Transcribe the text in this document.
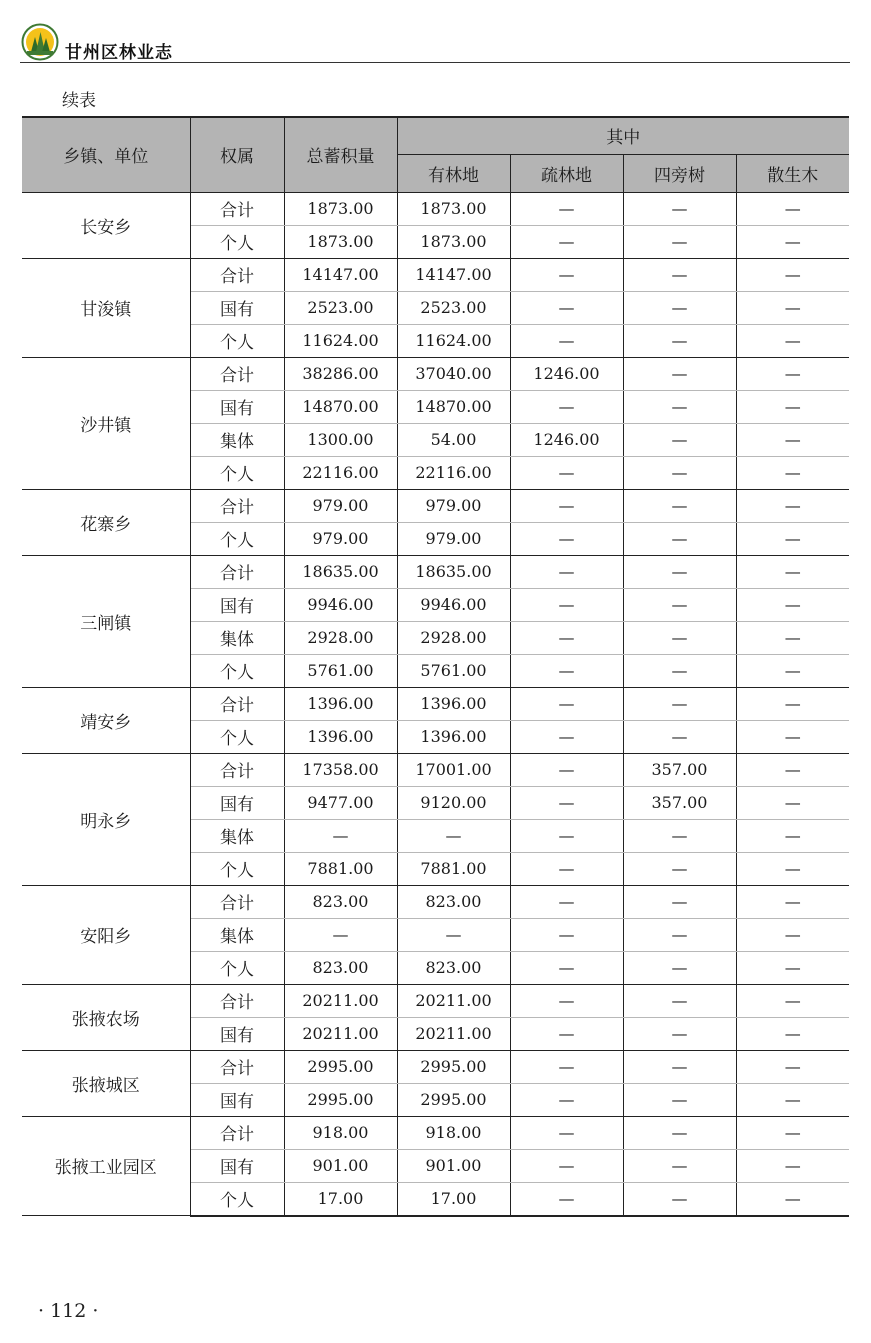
甘州区林业志
续表
乡镇、单位	权属	总蓄积量	其中			
			有林地	疏林地	四旁树	散生木
长安乡	合计	1873.00	1873.00	—	—	—
	个人	1873.00	1873.00	—	—	—
甘浚镇	合计	14147.00	14147.00	—	—	—
	国有	2523.00	2523.00	—	—	—
	个人	11624.00	11624.00	—	—	—
沙井镇	合计	38286.00	37040.00	1246.00	—	—
	国有	14870.00	14870.00	—	—	—
	集体	1300.00	54.00	1246.00	—	—
	个人	22116.00	22116.00	—	—	—
花寨乡	合计	979.00	979.00	—	—	—
	个人	979.00	979.00	—	—	—
三闸镇	合计	18635.00	18635.00	—	—	—
	国有	9946.00	9946.00	—	—	—
	集体	2928.00	2928.00	—	—	—
	个人	5761.00	5761.00	—	—	—
靖安乡	合计	1396.00	1396.00	—	—	—
	个人	1396.00	1396.00	—	—	—
明永乡	合计	17358.00	17001.00	—	357.00	—
	国有	9477.00	9120.00	—	357.00	—
	集体	—	—	—	—	—
	个人	7881.00	7881.00	—	—	—
安阳乡	合计	823.00	823.00	—	—	—
	集体	—	—	—	—	—
	个人	823.00	823.00	—	—	—
张掖农场	合计	20211.00	20211.00	—	—	—
	国有	20211.00	20211.00	—	—	—
张掖城区	合计	2995.00	2995.00	—	—	—
	国有	2995.00	2995.00	—	—	—
张掖工业园区	合计	918.00	918.00	—	—	—
	国有	901.00	901.00	—	—	—
	个人	17.00	17.00	—	—	—
· 112 ·
